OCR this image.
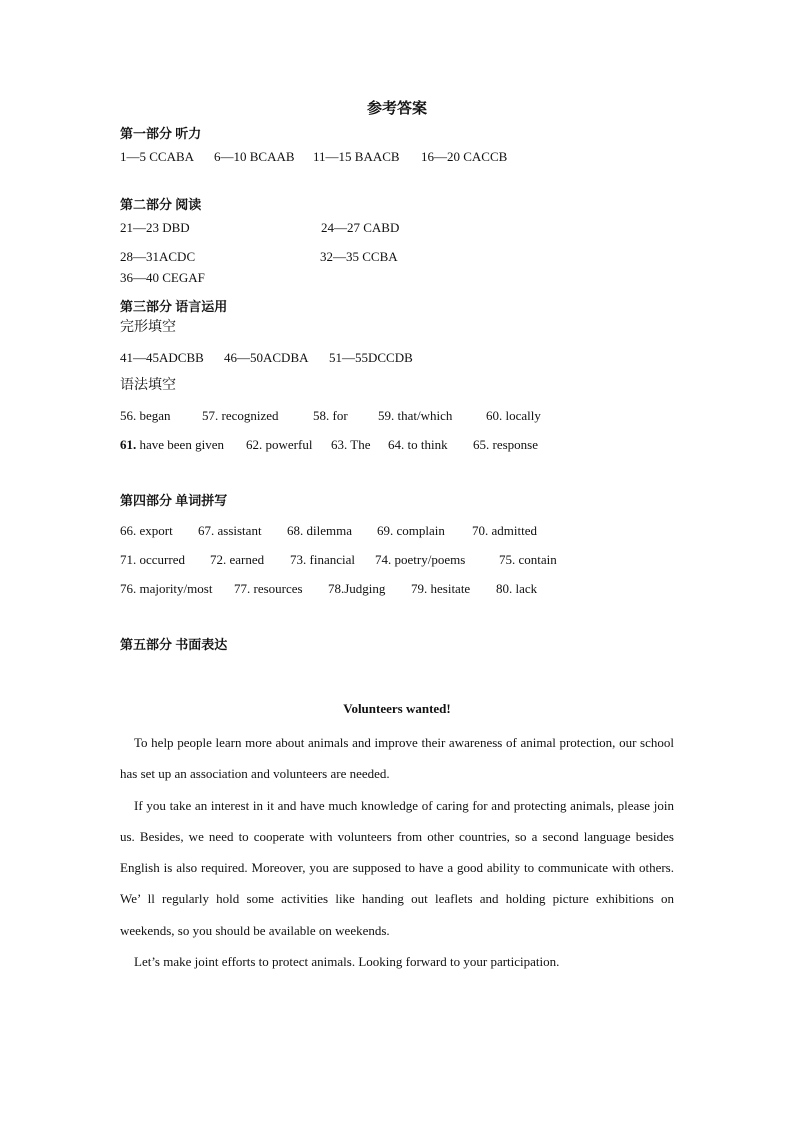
参考答案
第一部分 听力
1—5 CCABA 6—10 BCAAB 11—15 BAACB 16—20 CACCB
第二部分 阅读
21—23 DBD	24—27 CABD
28—31ACDC	32—35 CCBA
36—40 CEGAF
第三部分 语言运用
完形填空
41—45ADCBB 46—50ACDBA 51—55DCCDB
语法填空
56. began 57. recognized	58. for 59. that/which	60. locally
61. have been given 62. powerful 63. The 64. to think 65. response
第四部分 单词拼写
66. export 67. assistant 68. dilemma 69. complain 70. admitted
71. occurred 72. earned 73. financial 74. poetry/poems	75. contain
76. majority/most 77. resources 78.Judging 79. hesitate 80. lack
第五部分 书面表达
Volunteers wanted!

To help people learn more about animals and improve their awareness of animal protection, our school has set up an association and volunteers are needed.

If you take an interest in it and have much knowledge of caring for and protecting animals, please join us. Besides, we need to cooperate with volunteers from other countries, so a second language besides English is also required. Moreover, you are supposed to have a good ability to communicate with others. We’ ll regularly hold some activities like handing out leaflets and holding picture exhibitions on weekends, so you should be available on weekends.

Let’s make joint efforts to protect animals. Looking forward to your participation.
